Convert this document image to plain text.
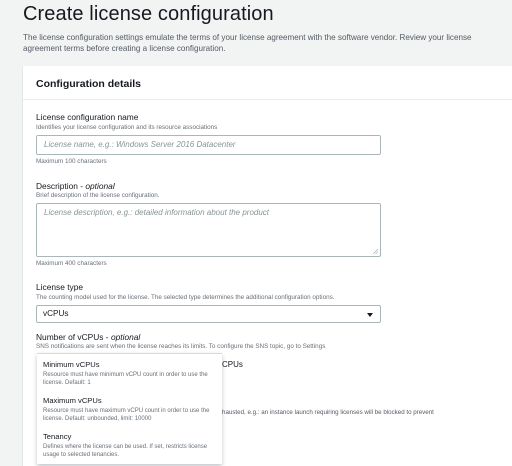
Create license configuration
The license configuration settings emulate the terms of your license agreement with the software vendor. Review your license agreement terms before creating a license configuration.
Configuration details
License configuration name
Identifies your license configuration and its resource associations
License name, e.g.: Windows Server 2016 Datacenter
Maximum 100 characters
Description - optional
Brief description of the license configuration.
License description, e.g.: detailed information about the product
Maximum 400 characters
License type
The counting model used for the license. The selected type determines the additional configuration options.
vCPUs
Number of vCPUs - optional
SNS notifications are sent when the license reaches its limits. To configure the SNS topic, go to Settings
CPUs
hausted, e.g.: an instance launch requiring licenses will be blocked to prevent
Minimum vCPUs
Resource must have minimum vCPU count in order to use the license. Default: 1
Maximum vCPUs
Resource must have maximum vCPU count in order to use the license. Default: unbounded, limit: 10000
Tenancy
Defines where the license can be used. If set, restricts license usage to selected tenancies.
